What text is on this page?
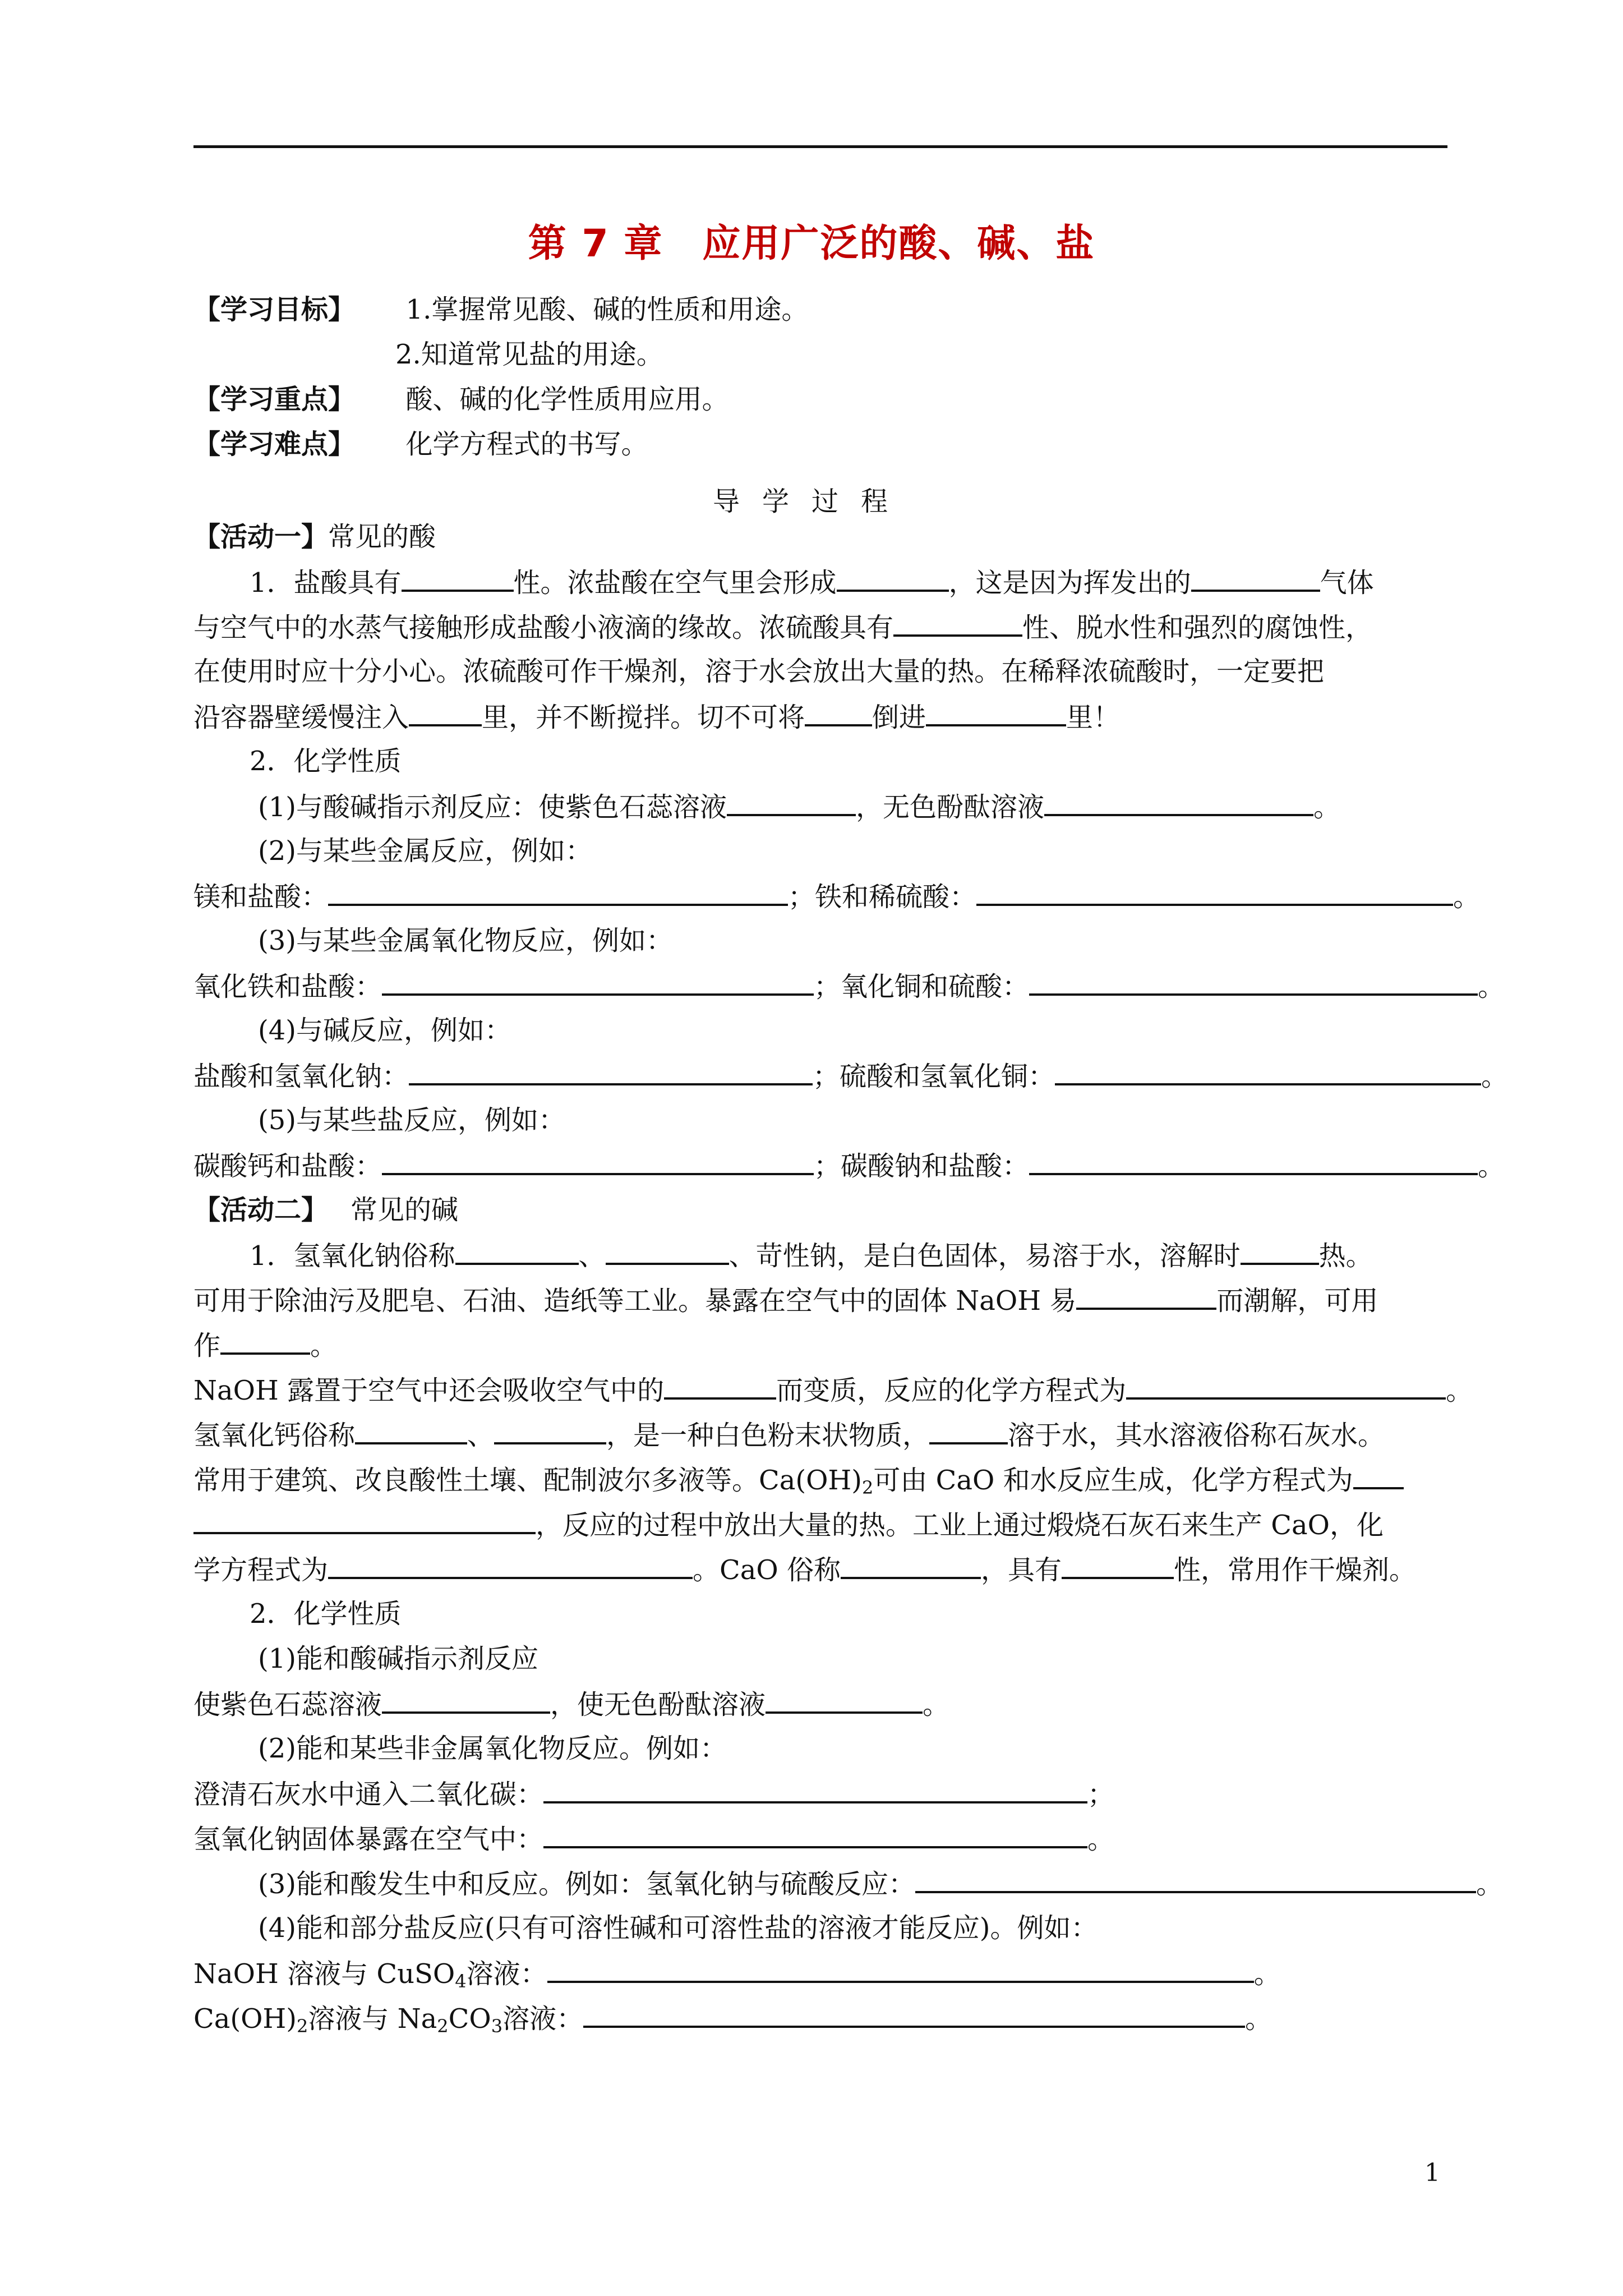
第 7 章　应用广泛的酸、碱、盐
【学习目标】 1.掌握常见酸、碱的性质和用途。
2.知道常见盐的用途。
【学习重点】 酸、碱的化学性质用应用。
【学习难点】 化学方程式的书写。
导学过程
【活动一】常见的酸
1．盐酸具有	性。浓盐酸在空气里会形成	，这是因为挥发出的	气体
与空气中的水蒸气接触形成盐酸小液滴的缘故。浓硫酸具有	性、脱水性和强烈的腐蚀性，
在使用时应十分小心。浓硫酸可作干燥剂，溶于水会放出大量的热。在稀释浓硫酸时，一定要把
沿容器壁缓慢注入	里，并不断搅拌。切不可将	倒进	里！
2．化学性质
(1)与酸碱指示剂反应：使紫色石蕊溶液	，无色酚酞溶液	。
(2)与某些金属反应，例如：
镁和盐酸：	；铁和稀硫酸：	。
(3)与某些金属氧化物反应，例如：
氧化铁和盐酸：	；氧化铜和硫酸：	。
(4)与碱反应，例如：
盐酸和氢氧化钠：	；硫酸和氢氧化铜：	。
(5)与某些盐反应，例如：
碳酸钙和盐酸：	；碳酸钠和盐酸：	。
【活动二】 常见的碱
1．氢氧化钠俗称	、	、苛性钠，是白色固体，易溶于水，溶解时	热。
可用于除油污及肥皂、石油、造纸等工业。暴露在空气中的固体 NaOH 易	而潮解，可用
作	。
NaOH 露置于空气中还会吸收空气中的	而变质，反应的化学方程式为	。
氢氧化钙俗称	、	，是一种白色粉末状物质，	溶于水，其水溶液俗称石灰水。
常用于建筑、改良酸性土壤、配制波尔多液等。$Ca(OH)_2$可由 CaO 和水反应生成，化学方程式为
，反应的过程中放出大量的热。工业上通过煅烧石灰石来生产 CaO，化
学方程式为	。CaO 俗称	，具有	性，常用作干燥剂。
2．化学性质
(1)能和酸碱指示剂反应
使紫色石蕊溶液	，使无色酚酞溶液	。
(2)能和某些非金属氧化物反应。例如：
澄清石灰水中通入二氧化碳：	；
氢氧化钠固体暴露在空气中：	。
(3)能和酸发生中和反应。例如：氢氧化钠与硫酸反应：	。
(4)能和部分盐反应(只有可溶性碱和可溶性盐的溶液才能反应)。例如：
NaOH 溶液与 CuSO$_4$溶液：	。
$Ca(OH)_2$溶液与 $Na_2CO_3$溶液：	。
1
